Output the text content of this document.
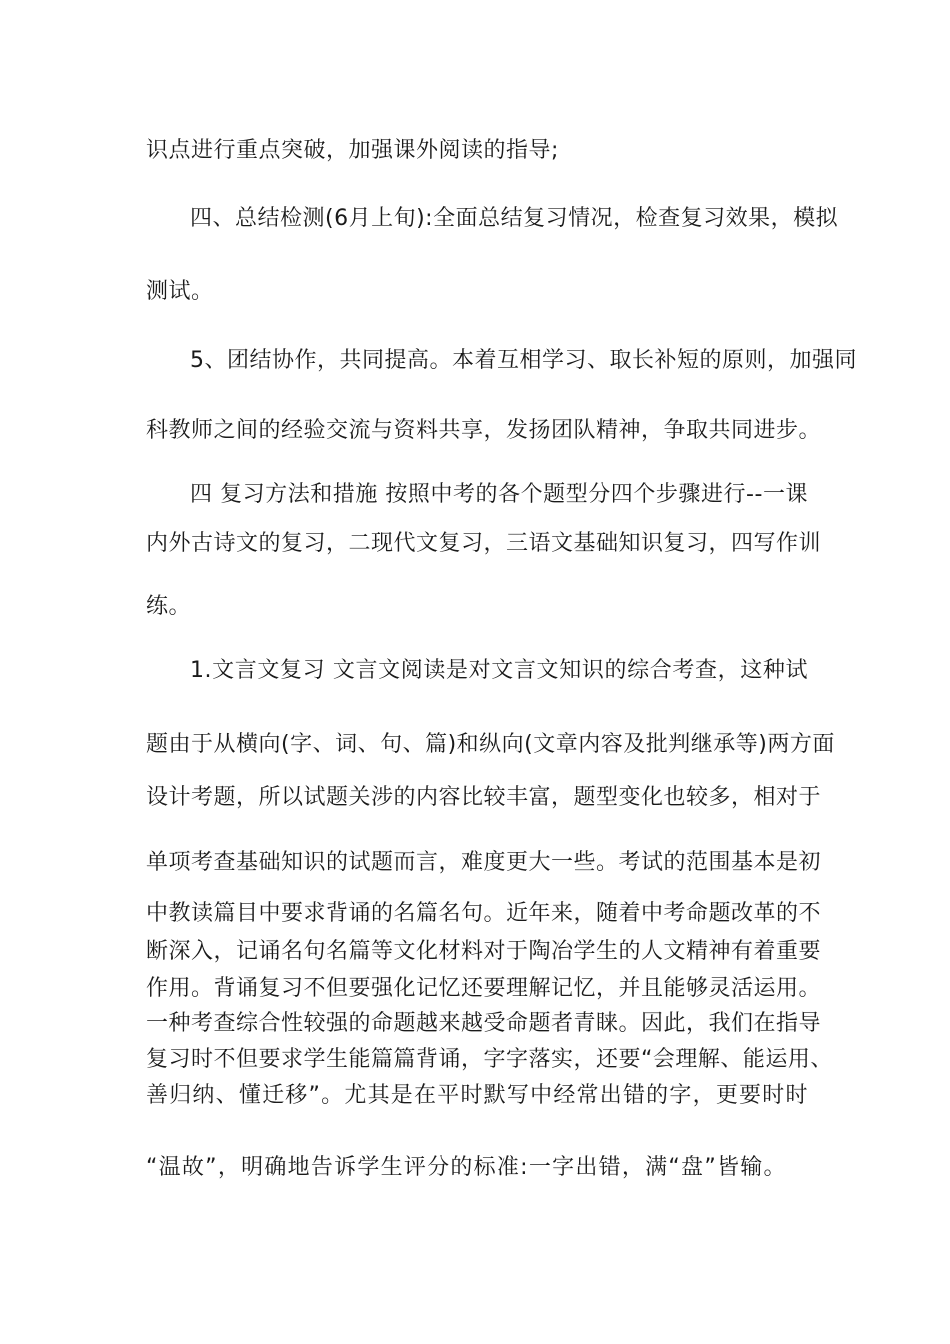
识点进行重点突破，加强课外阅读的指导;
四、总结检测(6月上旬):全面总结复习情况，检查复习效果，模拟
测试。
5、团结协作，共同提高。本着互相学习、取长补短的原则，加强同
科教师之间的经验交流与资料共享，发扬团队精神，争取共同进步。
四 复习方法和措施 按照中考的各个题型分四个步骤进行--一课
内外古诗文的复习，二现代文复习，三语文基础知识复习，四写作训
练。
1.文言文复习 文言文阅读是对文言文知识的综合考查，这种试
题由于从横向(字、词、句、篇)和纵向(文章内容及批判继承等)两方面
设计考题，所以试题关涉的内容比较丰富，题型变化也较多，相对于
单项考查基础知识的试题而言，难度更大一些。考试的范围基本是初
中教读篇目中要求背诵的名篇名句。近年来，随着中考命题改革的不
断深入，记诵名句名篇等文化材料对于陶冶学生的人文精神有着重要
作用。背诵复习不但要强化记忆还要理解记忆，并且能够灵活运用。
一种考查综合性较强的命题越来越受命题者青睐。因此，我们在指导
复习时不但要求学生能篇篇背诵，字字落实，还要“会理解、能运用、
善归纳、懂迁移”。尤其是在平时默写中经常出错的字，更要时时
“温故”，明确地告诉学生评分的标准:一字出错，满“盘”皆输。
